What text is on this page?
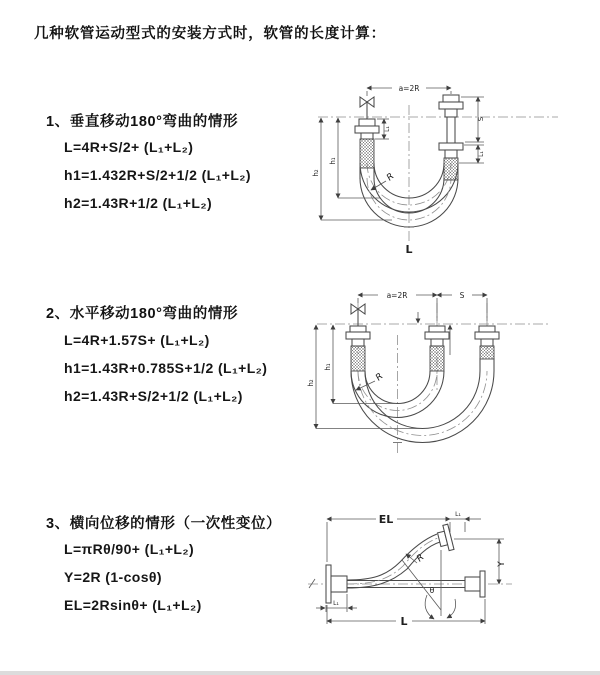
几种软管运动型式的安装方式时，软管的长度计算：
1、垂直移动180°弯曲的情形
L=4R+S/2+ (L₁+L₂)
h1=1.432R+S/2+1/2 (L₁+L₂)
h2=1.43R+1/2 (L₁+L₂)
2、水平移动180°弯曲的情形
L=4R+1.57S+ (L₁+L₂)
h1=1.43R+0.785S+1/2 (L₁+L₂)
h2=1.43R+S/2+1/2 (L₁+L₂)
3、横向位移的情形（一次性变位）
L=πRθ/90+ (L₁+L₂)
Y=2R (1-cosθ)
EL=2Rsinθ+ (L₁+L₂)
a=2R
L₁
S
L₁
h₁
h₂	R
L
a=2R	S
h₁
h₂	R
EL	L₁
Y
θ
R
L₁
L
